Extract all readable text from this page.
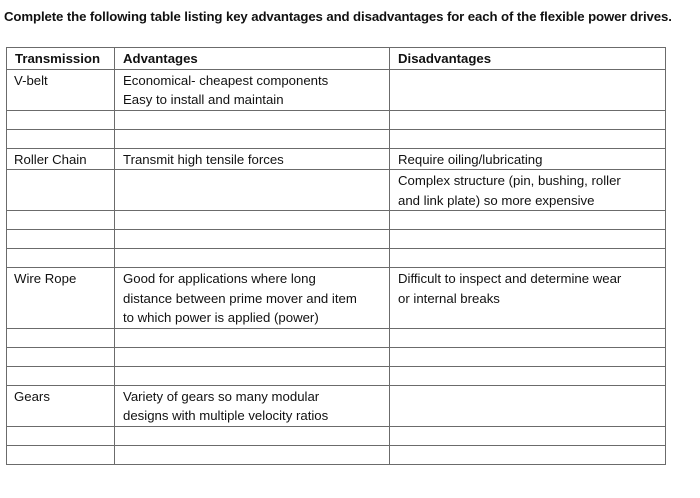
Complete the following table listing key advantages and disadvantages for each of the flexible power drives.
Transmission	Advantages	Disadvantages
V-belt	Economical- cheapest components
Easy to install and maintain	

Roller Chain	Transmit high tensile forces	Require oiling/lubricating

		Complex structure (pin, bushing, roller
and link plate) so more expensive

Wire Rope	Good for applications where long
distance between prime mover and item
to which power is applied (power)	Difficult to inspect and determine wear
or internal breaks

Gears	Variety of gears so many modular
designs with multiple velocity ratios	
